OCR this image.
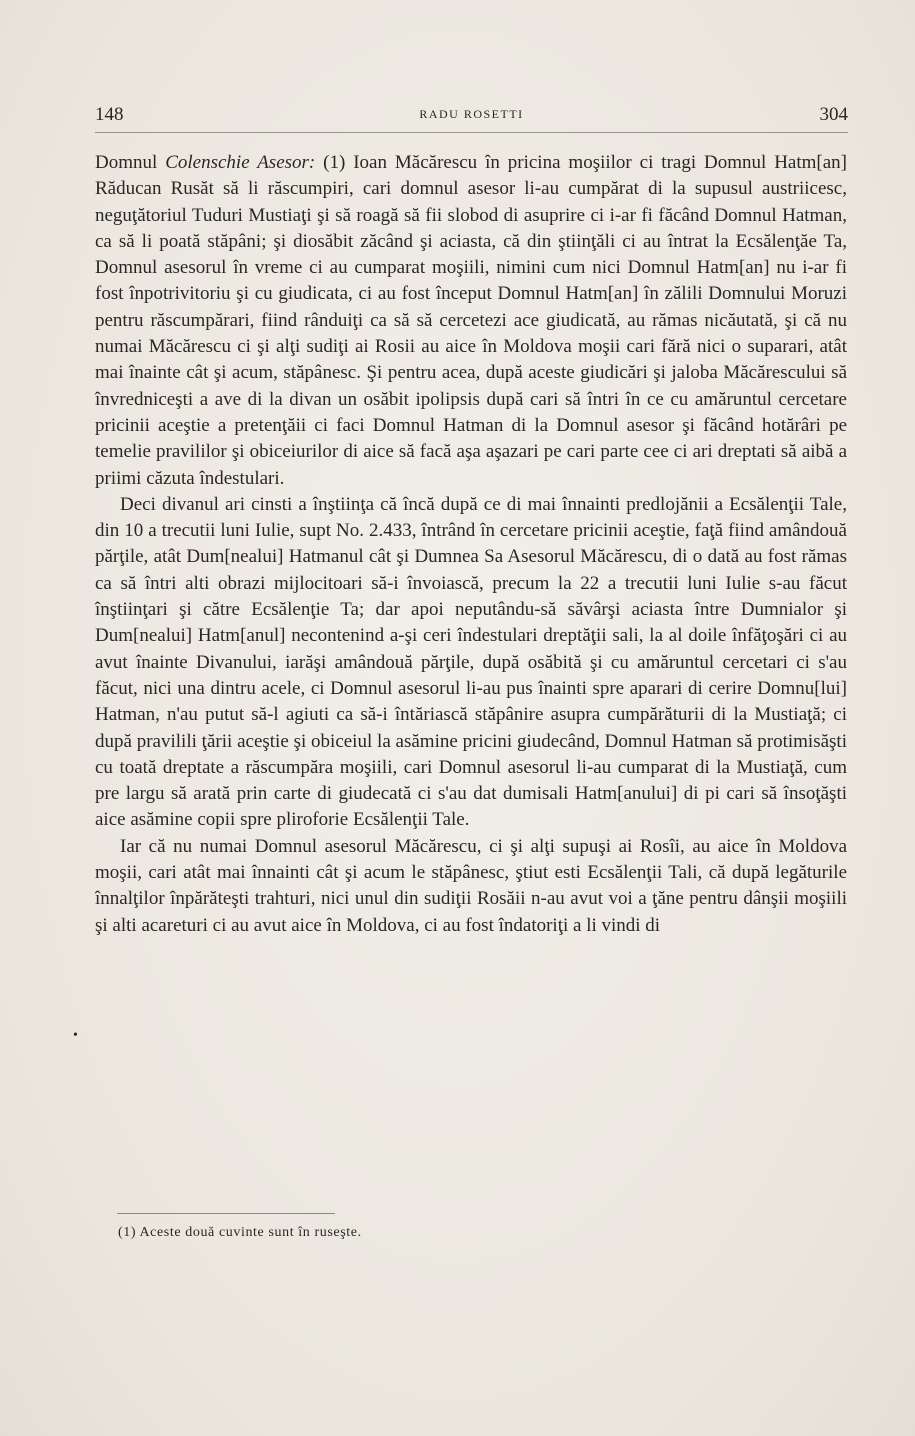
148	RADU ROSETTI	304

Domnul Colenschie Asesor: (1) Ioan Măcărescu în pricina moşiilor ci tragi Domnul Hatm[an] Răducan Rusăt să li răscumpiri, cari domnul asesor li-au cumpărat di la supusul austriicesc, neguţătoriul Tuduri Mustiaţi şi să roagă să fii slobod di asuprire ci i-ar fi făcând Domnul Hatman, ca să li poată stăpâni; şi diosăbit zăcând şi aciasta, că din ştiinţăli ci au întrat la Ecsălenţăe Ta, Domnul asesorul în vreme ci au cumparat moşiili, nimini cum nici Domnul Hatm[an] nu i-ar fi fost înpotrivitoriu şi cu giudicata, ci au fost început Domnul Hatm[an] în zălili Domnului Moruzi pentru răscumpărari, fiind rânduiţi ca să să cercetezi ace giudicată, au rămas nicăutată, şi că nu numai Măcărescu ci şi alţi sudiţi ai Rosii au aice în Moldova moşii cari fără nici o suparari, atât mai înainte cât şi acum, stăpânesc. Şi pentru acea, după aceste giudicări şi jaloba Măcărescului să învredniceşti a ave di la divan un osăbit ipolipsis după cari să întri în ce cu amăruntul cercetare pricinii aceştie a pretenţăii ci faci Domnul Hatman di la Domnul asesor şi făcând hotărâri pe temelie pravililor şi obiceiurilor di aice să facă aşa aşazari pe cari parte cee ci ari dreptati să aibă a priimi căzuta îndestulari.

Deci divanul ari cinsti a înştiinţa că încă după ce di mai înnainti predlojănii a Ecsălenţii Tale, din 10 a trecutii luni Iulie, supt No. 2.433, întrând în cercetare pricinii aceştie, faţă fiind amândouă părţile, atât Dum[nealui] Hatmanul cât şi Dumnea Sa Asesorul Măcărescu, di o dată au fost rămas ca să întri alti obrazi mijlocitoari să-i învoiască, precum la 22 a trecutii luni Iulie s-au făcut înştiinţari şi către Ecsălenţie Ta; dar apoi neputându-să săvârşi aciasta între Dumnialor şi Dum[nealui] Hatm[anul] necontenind a-şi ceri îndestulari dreptăţii sali, la al doile înfăţoşări ci au avut înainte Divanului, iarăşi amândouă părţile, după osăbită şi cu amăruntul cercetari ci s'au făcut, nici una dintru acele, ci Domnul asesorul li-au pus înainti spre aparari di cerire Domnu[lui] Hatman, n'au putut să-l agiuti ca să-i întăriască stăpânire asupra cumpărăturii di la Mustiaţă; ci după pravilili ţării aceştie şi obiceiul la asămine pricini giudecând, Domnul Hatman să protimisăşti cu toată dreptate a răscumpăra moşiili, cari Domnul asesorul li-au cumparat di la Mustiaţă, cum pre largu să arată prin carte di giudecată ci s'au dat dumisali Hatm[anului] di pi cari să însoţăşti aice asămine copii spre pliroforie Ecsălenţii Tale.

Iar că nu numai Domnul asesorul Măcărescu, ci şi alţi supuşi ai Rosîi, au aice în Moldova moşii, cari atât mai înnainti cât şi acum le stăpânesc, ştiut esti Ecsălenţii Tali, că după legăturile înnalţilor înpărăteşti trahturi, nici unul din sudiţii Rosăii n-au avut voi a ţăne pentru dânşii moşiili şi alti acareturi ci au avut aice în Moldova, ci au fost îndatoriţi a li vindi di

•
(1) Aceste două cuvinte sunt în ruseşte.
